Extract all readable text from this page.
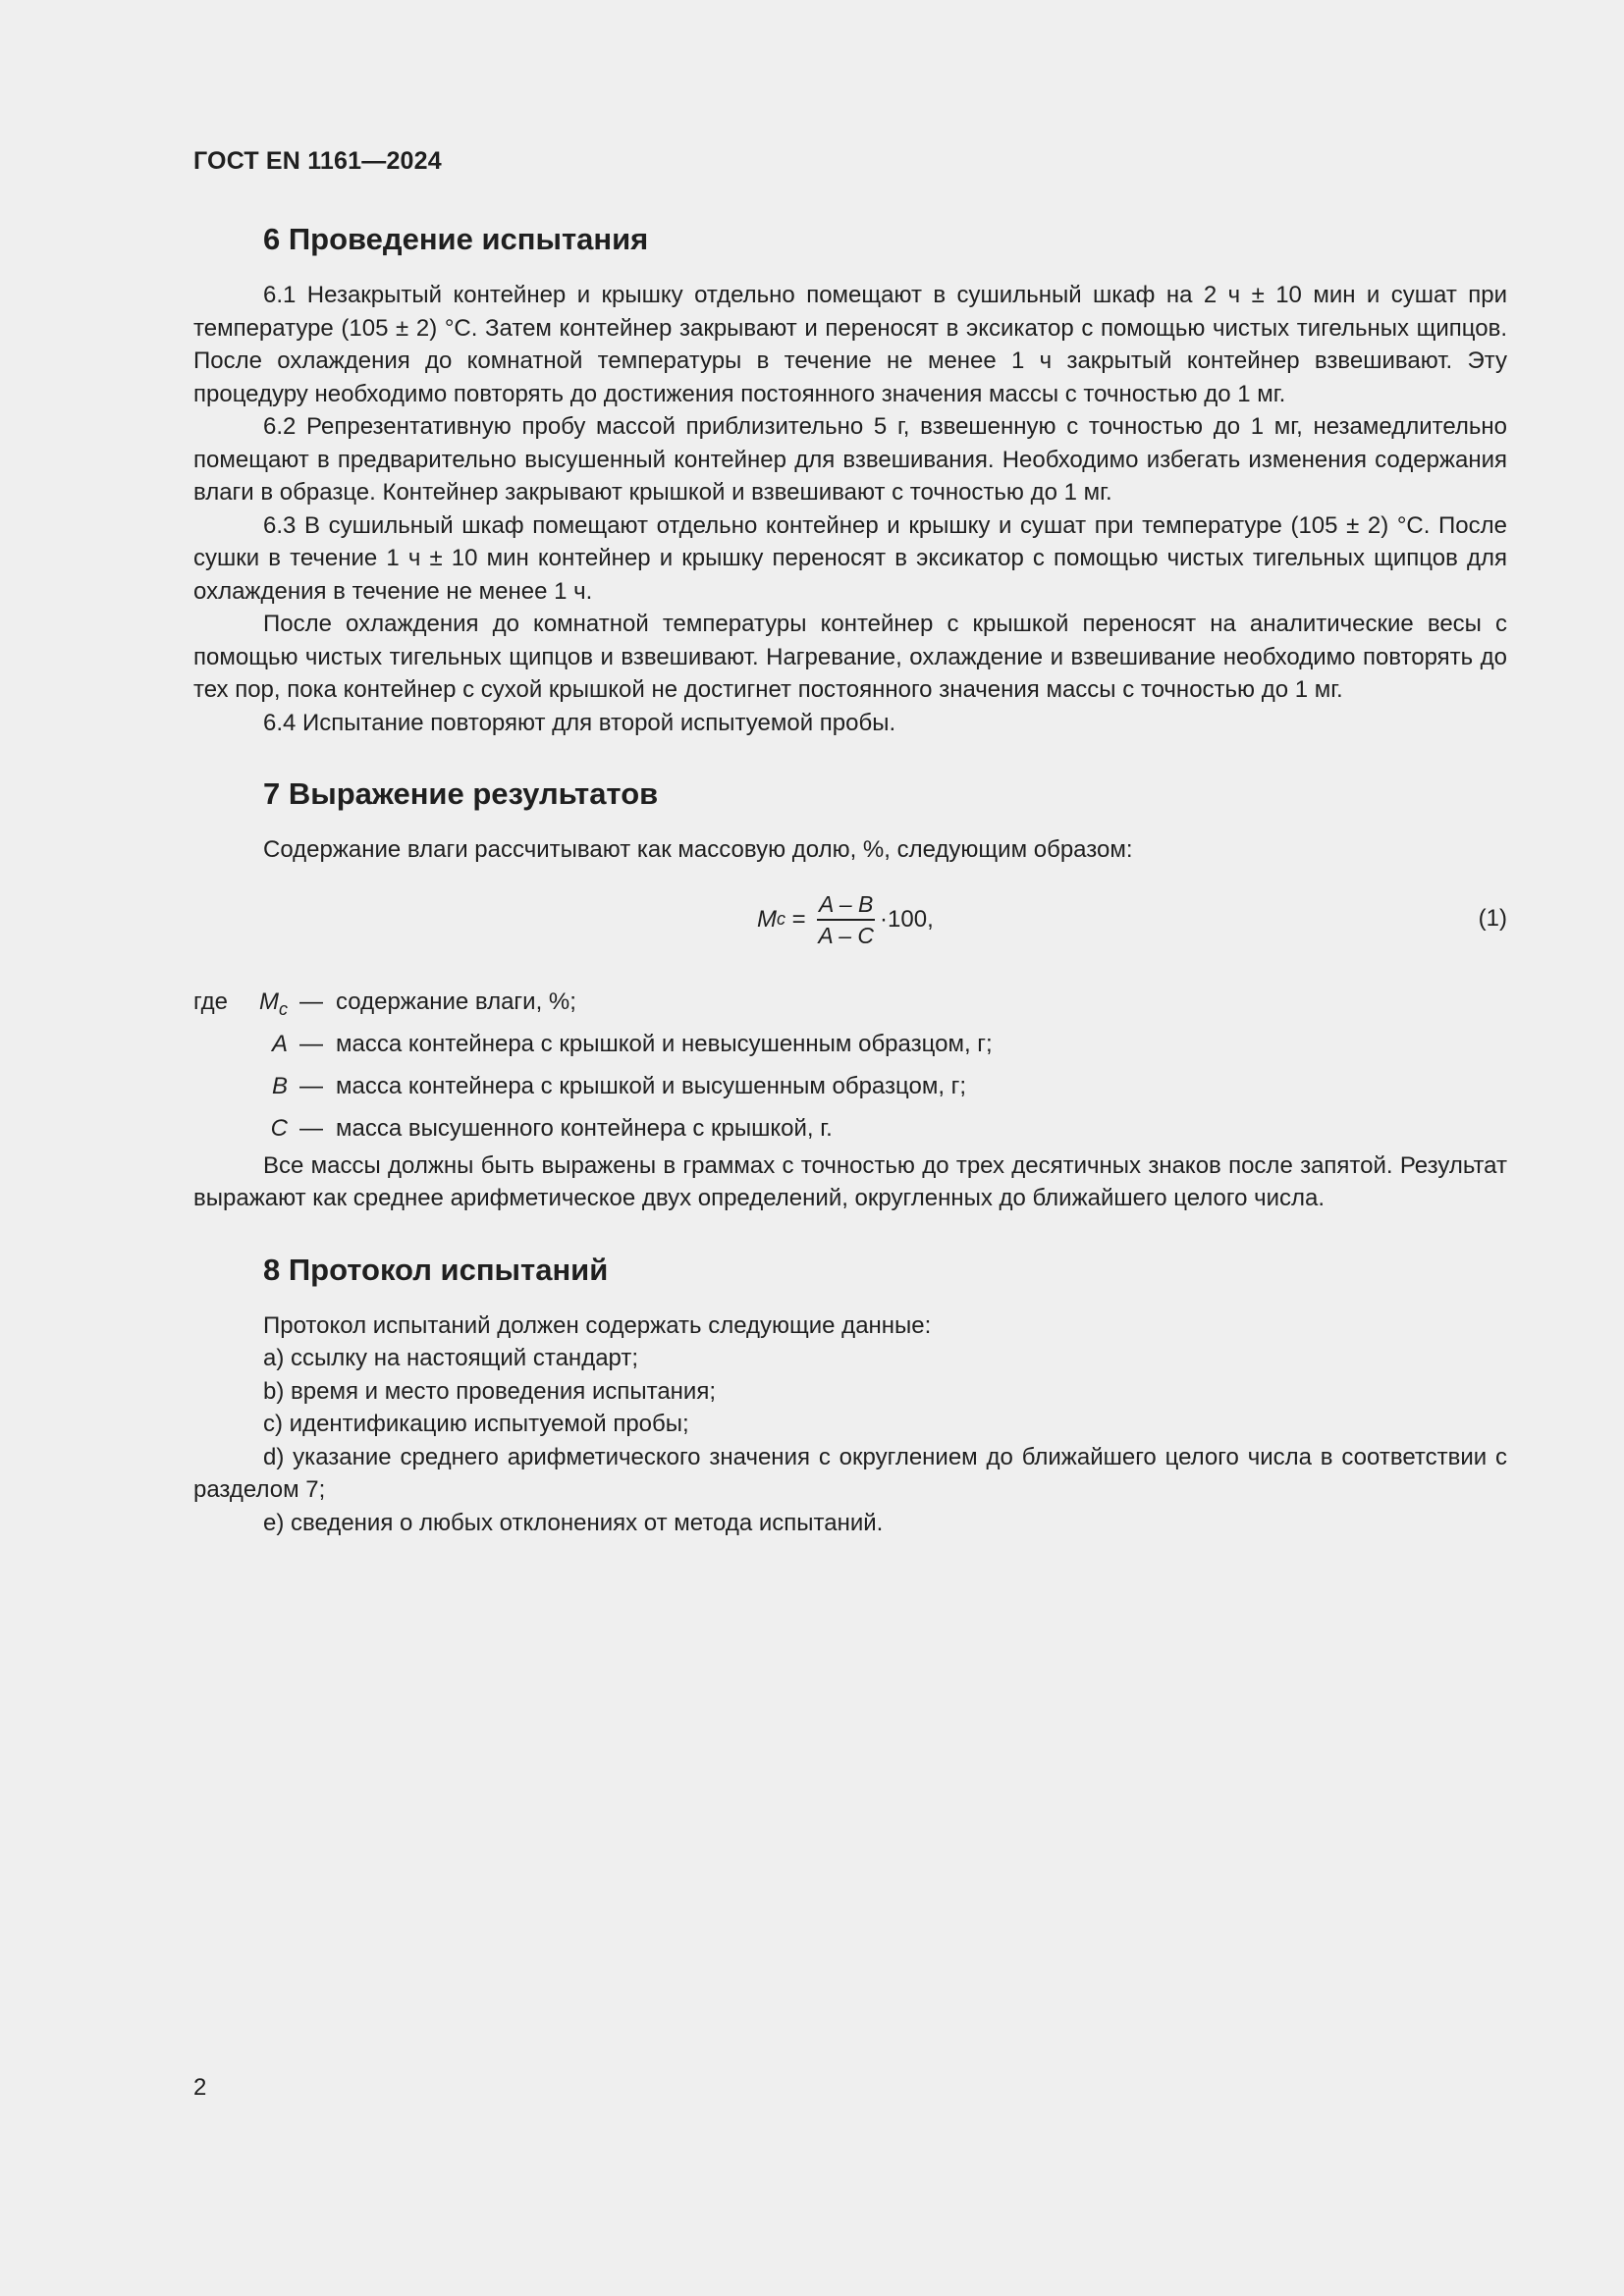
ГОСТ EN 1161—2024
6 Проведение испытания

6.1 Незакрытый контейнер и крышку отдельно помещают в сушильный шкаф на 2 ч ± 10 мин и сушат при температуре (105 ± 2) °С. Затем контейнер закрывают и переносят в эксикатор с помощью чистых тигельных щипцов. После охлаждения до комнатной температуры в течение не менее 1 ч закрытый контейнер взвешивают. Эту процедуру необходимо повторять до достижения постоянного значения массы с точностью до 1 мг.

6.2 Репрезентативную пробу массой приблизительно 5 г, взвешенную с точностью до 1 мг, незамедлительно помещают в предварительно высушенный контейнер для взвешивания. Необходимо избегать изменения содержания влаги в образце. Контейнер закрывают крышкой и взвешивают с точностью до 1 мг.

6.3 В сушильный шкаф помещают отдельно контейнер и крышку и сушат при температуре (105 ± 2) °С. После сушки в течение 1 ч ± 10 мин контейнер и крышку переносят в эксикатор с помощью чистых тигельных щипцов для охлаждения в течение не менее 1 ч.

После охлаждения до комнатной температуры контейнер с крышкой переносят на аналитические весы с помощью чистых тигельных щипцов и взвешивают. Нагревание, охлаждение и взвешивание необходимо повторять до тех пор, пока контейнер с сухой крышкой не достигнет постоянного значения массы с точностью до 1 мг.

6.4 Испытание повторяют для второй испытуемой пробы.

7 Выражение результатов

Содержание влаги рассчитывают как массовую долю, %, следующим образом:

M $c = \frac{A - B}{A - C} \cdot 100$,	(1)
где	$M_c$ — содержание влаги, %;
A — масса контейнера с крышкой и невысушенным образцом, г;
B — масса контейнера с крышкой и высушенным образцом, г;
C — масса высушенного контейнера с крышкой, г.

Все массы должны быть выражены в граммах с точностью до трех десятичных знаков после запятой. Результат выражают как среднее арифметическое двух определений, округленных до ближайшего целого числа.

8 Протокол испытаний

Протокол испытаний должен содержать следующие данные:

a) ссылку на настоящий стандарт;

b) время и место проведения испытания;

c) идентификацию испытуемой пробы;

d) указание среднего арифметического значения с округлением до ближайшего целого числа в соответствии с разделом 7;

e) сведения о любых отклонениях от метода испытаний.

2
